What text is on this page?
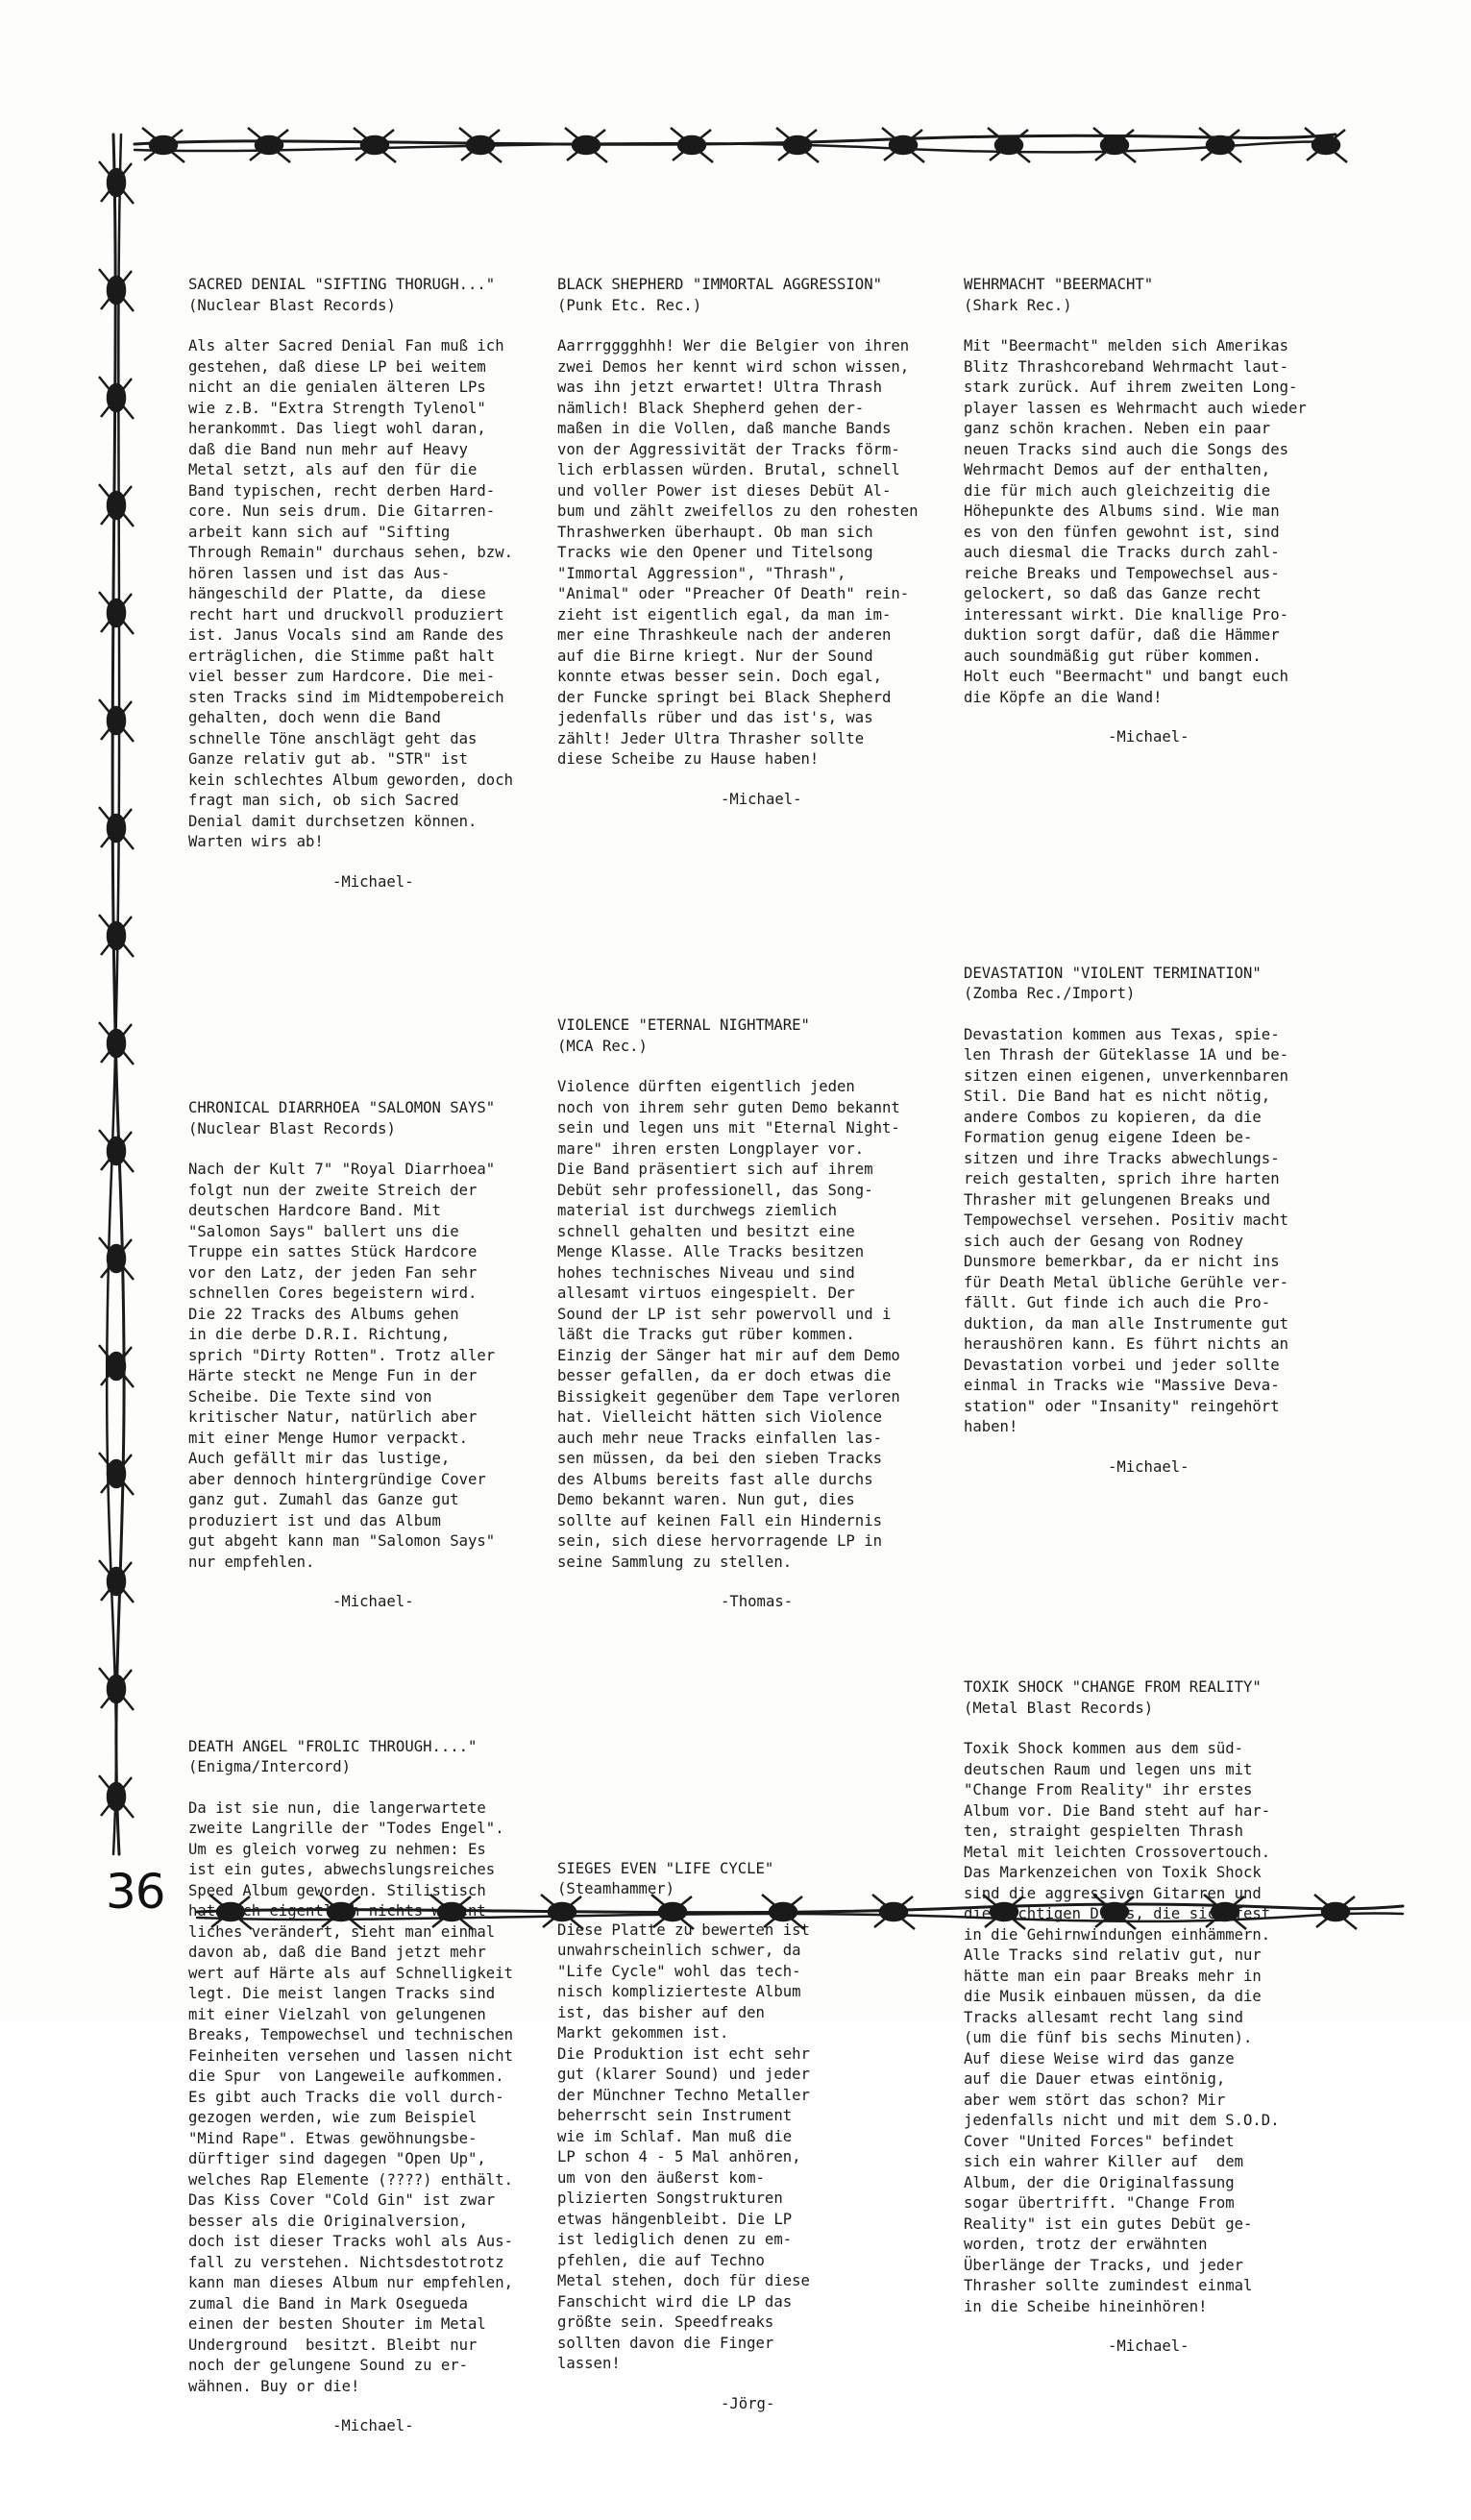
SACRED DENIAL "SIFTING THORUGH..."
(Nuclear Blast Records)
Als alter Sacred Denial Fan muß ich
gestehen, daß diese LP bei weitem
nicht an die genialen älteren LPs
wie z.B. "Extra Strength Tylenol"
herankommt. Das liegt wohl daran,
daß die Band nun mehr auf Heavy
Metal setzt, als auf den für die
Band typischen, recht derben Hard-
core. Nun seis drum. Die Gitarren-
arbeit kann sich auf "Sifting
Through Remain" durchaus sehen, bzw.
hören lassen und ist das Aus-
hängeschild der Platte, da  diese
recht hart und druckvoll produziert
ist. Janus Vocals sind am Rande des
erträglichen, die Stimme paßt halt
viel besser zum Hardcore. Die mei-
sten Tracks sind im Midtempobereich
gehalten, doch wenn die Band
schnelle Töne anschlägt geht das
Ganze relativ gut ab. "STR" ist
kein schlechtes Album geworden, doch
fragt man sich, ob sich Sacred
Denial damit durchsetzen können.
Warten wirs ab!
-Michael-

CHRONICAL DIARRHOEA "SALOMON SAYS"
(Nuclear Blast Records)
Nach der Kult 7" "Royal Diarrhoea"
folgt nun der zweite Streich der
deutschen Hardcore Band. Mit
"Salomon Says" ballert uns die
Truppe ein sattes Stück Hardcore
vor den Latz, der jeden Fan sehr
schnellen Cores begeistern wird.
Die 22 Tracks des Albums gehen
in die derbe D.R.I. Richtung,
sprich "Dirty Rotten". Trotz aller
Härte steckt ne Menge Fun in der
Scheibe. Die Texte sind von
kritischer Natur, natürlich aber
mit einer Menge Humor verpackt.
Auch gefällt mir das lustige,
aber dennoch hintergründige Cover
ganz gut. Zumahl das Ganze gut
produziert ist und das Album
gut abgeht kann man "Salomon Says"
nur empfehlen.
-Michael-

DEATH ANGEL "FROLIC THROUGH...."
(Enigma/Intercord)
Da ist sie nun, die langerwartete
zweite Langrille der "Todes Engel".
Um es gleich vorweg zu nehmen: Es
ist ein gutes, abwechslungsreiches
Speed Album geworden. Stilistisch
hat sich eigentlich nichts wesent-
liches verändert, sieht man einmal
davon ab, daß die Band jetzt mehr
wert auf Härte als auf Schnelligkeit
legt. Die meist langen Tracks sind
mit einer Vielzahl von gelungenen
Breaks, Tempowechsel und technischen
Feinheiten versehen und lassen nicht
die Spur  von Langeweile aufkommen.
Es gibt auch Tracks die voll durch-
gezogen werden, wie zum Beispiel
"Mind Rape". Etwas gewöhnungsbe-
dürftiger sind dagegen "Open Up",
welches Rap Elemente (????) enthält.
Das Kiss Cover "Cold Gin" ist zwar
besser als die Originalversion,
doch ist dieser Tracks wohl als Aus-
fall zu verstehen. Nichtsdestotrotz
kann man dieses Album nur empfehlen,
zumal die Band in Mark Osegueda
einen der besten Shouter im Metal
Underground  besitzt. Bleibt nur
noch der gelungene Sound zu er-
wähnen. Buy or die!
-Michael-

BLACK SHEPHERD "IMMORTAL AGGRESSION"
(Punk Etc. Rec.)
Aarrrgggghhh! Wer die Belgier von ihren
zwei Demos her kennt wird schon wissen,
was ihn jetzt erwartet! Ultra Thrash
nämlich! Black Shepherd gehen der-
maßen in die Vollen, daß manche Bands
von der Aggressivität der Tracks förm-
lich erblassen würden. Brutal, schnell
und voller Power ist dieses Debüt Al-
bum und zählt zweifellos zu den rohesten
Thrashwerken überhaupt. Ob man sich
Tracks wie den Opener und Titelsong
"Immortal Aggression", "Thrash",
"Animal" oder "Preacher Of Death" rein-
zieht ist eigentlich egal, da man im-
mer eine Thrashkeule nach der anderen
auf die Birne kriegt. Nur der Sound
konnte etwas besser sein. Doch egal,
der Funcke springt bei Black Shepherd
jedenfalls rüber und das ist's, was
zählt! Jeder Ultra Thrasher sollte
diese Scheibe zu Hause haben!
-Michael-

VIOLENCE "ETERNAL NIGHTMARE"
(MCA Rec.)
Violence dürften eigentlich jeden
noch von ihrem sehr guten Demo bekannt
sein und legen uns mit "Eternal Night-
mare" ihren ersten Longplayer vor.
Die Band präsentiert sich auf ihrem
Debüt sehr professionell, das Song-
material ist durchwegs ziemlich
schnell gehalten und besitzt eine
Menge Klasse. Alle Tracks besitzen
hohes technisches Niveau und sind
allesamt virtuos eingespielt. Der
Sound der LP ist sehr powervoll und i
läßt die Tracks gut rüber kommen.
Einzig der Sänger hat mir auf dem Demo
besser gefallen, da er doch etwas die
Bissigkeit gegenüber dem Tape verloren
hat. Vielleicht hätten sich Violence
auch mehr neue Tracks einfallen las-
sen müssen, da bei den sieben Tracks
des Albums bereits fast alle durchs
Demo bekannt waren. Nun gut, dies
sollte auf keinen Fall ein Hindernis
sein, sich diese hervorragende LP in
seine Sammlung zu stellen.
-Thomas-

SIEGES EVEN "LIFE CYCLE"
(Steamhammer)
Diese Platte zu bewerten ist
unwahrscheinlich schwer, da
"Life Cycle" wohl das tech-
nisch komplizierteste Album
ist, das bisher auf den
Markt gekommen ist.
Die Produktion ist echt sehr
gut (klarer Sound) und jeder
der Münchner Techno Metaller
beherrscht sein Instrument
wie im Schlaf. Man muß die
LP schon 4 - 5 Mal anhören,
um von den äußerst kom-
plizierten Songstrukturen
etwas hängenbleibt. Die LP
ist lediglich denen zu em-
pfehlen, die auf Techno
Metal stehen, doch für diese
Fanschicht wird die LP das
größte sein. Speedfreaks
sollten davon die Finger
lassen!
-Jörg-

WEHRMACHT "BEERMACHT"
(Shark Rec.)
Mit "Beermacht" melden sich Amerikas
Blitz Thrashcoreband Wehrmacht laut-
stark zurück. Auf ihrem zweiten Long-
player lassen es Wehrmacht auch wieder
ganz schön krachen. Neben ein paar
neuen Tracks sind auch die Songs des
Wehrmacht Demos auf der enthalten,
die für mich auch gleichzeitig die
Höhepunkte des Albums sind. Wie man
es von den fünfen gewohnt ist, sind
auch diesmal die Tracks durch zahl-
reiche Breaks und Tempowechsel aus-
gelockert, so daß das Ganze recht
interessant wirkt. Die knallige Pro-
duktion sorgt dafür, daß die Hämmer
auch soundmäßig gut rüber kommen.
Holt euch "Beermacht" und bangt euch
die Köpfe an die Wand!
-Michael-

DEVASTATION "VIOLENT TERMINATION"
(Zomba Rec./Import)
Devastation kommen aus Texas, spie-
len Thrash der Güteklasse 1A und be-
sitzen einen eigenen, unverkennbaren
Stil. Die Band hat es nicht nötig,
andere Combos zu kopieren, da die
Formation genug eigene Ideen be-
sitzen und ihre Tracks abwechlungs-
reich gestalten, sprich ihre harten
Thrasher mit gelungenen Breaks und
Tempowechsel versehen. Positiv macht
sich auch der Gesang von Rodney
Dunsmore bemerkbar, da er nicht ins
für Death Metal übliche Gerühle ver-
fällt. Gut finde ich auch die Pro-
duktion, da man alle Instrumente gut
heraushören kann. Es führt nichts an
Devastation vorbei und jeder sollte
einmal in Tracks wie "Massive Deva-
station" oder "Insanity" reingehört
haben!
-Michael-

TOXIK SHOCK "CHANGE FROM REALITY"
(Metal Blast Records)
Toxik Shock kommen aus dem süd-
deutschen Raum und legen uns mit
"Change From Reality" ihr erstes
Album vor. Die Band steht auf har-
ten, straight gespielten Thrash
Metal mit leichten Crossovertouch.
Das Markenzeichen von Toxik Shock
sind die aggressiven Gitarren und
die wuchtigen Drums, die sich fest
in die Gehirnwindungen einhämmern.
Alle Tracks sind relativ gut, nur
hätte man ein paar Breaks mehr in
die Musik einbauen müssen, da die
Tracks allesamt recht lang sind
(um die fünf bis sechs Minuten).
Auf diese Weise wird das ganze
auf die Dauer etwas eintönig,
aber wem stört das schon? Mir
jedenfalls nicht und mit dem S.O.D.
Cover "United Forces" befindet
sich ein wahrer Killer auf  dem
Album, der die Originalfassung
sogar übertrifft. "Change From
Reality" ist ein gutes Debüt ge-
worden, trotz der erwähnten
Überlänge der Tracks, und jeder
Thrasher sollte zumindest einmal
in die Scheibe hineinhören!
-Michael-

36
